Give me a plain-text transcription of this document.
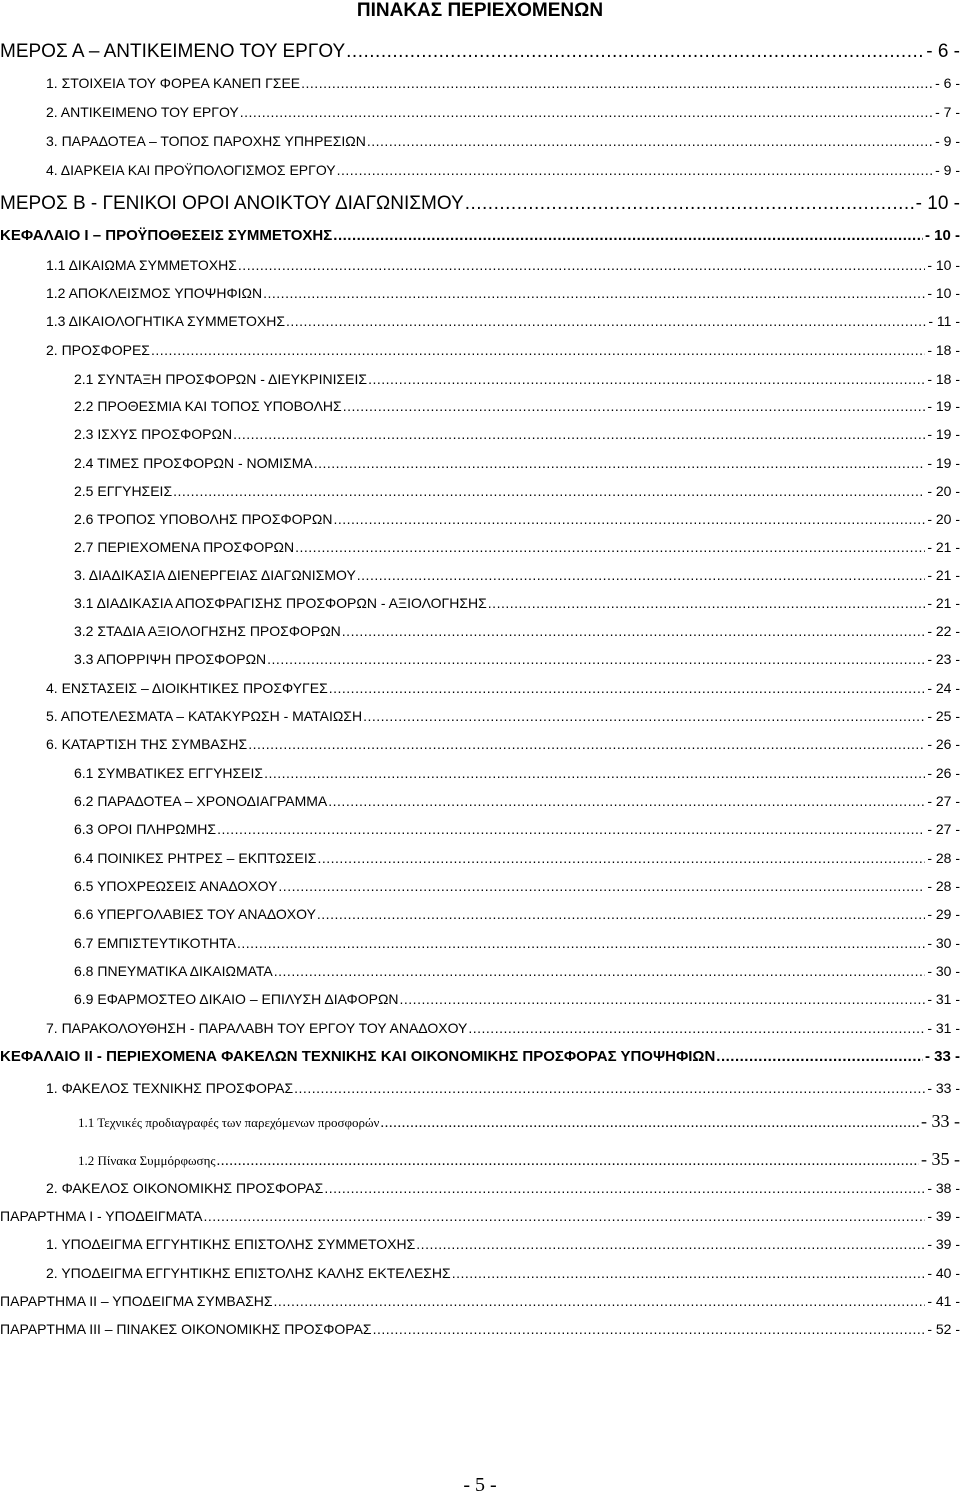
ΠΙΝΑΚΑΣ ΠΕΡΙΕΧΟΜΕΝΩΝ
ΜΕΡΟΣ Α – ΑΝΤΙΚΕΙΜΕΝΟ ΤΟΥ ΕΡΓΟΥ .....	- 6 -
1. ΣΤΟΙΧΕΙΑ ΤΟΥ ΦΟΡΕΑ ΚΑΝΕΠ ΓΣΕΕ .....	- 6 -
2. ΑΝΤΙΚΕΙΜΕΝΟ ΤΟΥ ΕΡΓΟΥ .....	- 7 -
3. ΠΑΡΑΔΟΤΕΑ – ΤΟΠΟΣ ΠΑΡΟΧΗΣ ΥΠΗΡΕΣΙΩΝ .....	- 9 -
4. ΔΙΑΡΚΕΙΑ ΚΑΙ ΠΡΟΫΠΟΛΟΓΙΣΜΟΣ ΕΡΓΟΥ .....	- 9 -
ΜΕΡΟΣ Β - ΓΕΝΙΚΟΙ ΟΡΟΙ ΑΝΟΙΚΤΟΥ ΔΙΑΓΩΝΙΣΜΟΥ .....	- 10 -
ΚΕΦΑΛΑΙΟ Ι – ΠΡΟΫΠΟΘΕΣΕΙΣ ΣΥΜΜΕΤΟΧΗΣ .....	- 10 -
1.1 ΔΙΚΑΙΩΜΑ ΣΥΜΜΕΤΟΧΗΣ .....	- 10 -
1.2 ΑΠΟΚΛΕΙΣΜΟΣ ΥΠΟΨΗΦΙΩΝ .....	- 10 -
1.3 ΔΙΚΑΙΟΛΟΓΗΤΙΚΑ ΣΥΜΜΕΤΟΧΗΣ .....	- 11 -
2. ΠΡΟΣΦΟΡΕΣ .....	- 18 -
2.1 ΣΥΝΤΑΞΗ ΠΡΟΣΦΟΡΩΝ - ΔΙΕΥΚΡΙΝΙΣΕΙΣ .....	- 18 -
2.2 ΠΡΟΘΕΣΜΙΑ ΚΑΙ ΤΟΠΟΣ ΥΠΟΒΟΛΗΣ .....	- 19 -
2.3 ΙΣΧΥΣ ΠΡΟΣΦΟΡΩΝ .....	- 19 -
2.4 ΤΙΜΕΣ ΠΡΟΣΦΟΡΩΝ - ΝΟΜΙΣΜΑ .....	- 19 -
2.5 ΕΓΓΥΗΣΕΙΣ .....	- 20 -
2.6 ΤΡΟΠΟΣ ΥΠΟΒΟΛΗΣ ΠΡΟΣΦΟΡΩΝ .....	- 20 -
2.7 ΠΕΡΙΕΧΟΜΕΝΑ ΠΡΟΣΦΟΡΩΝ .....	- 21 -
3. ΔΙΑΔΙΚΑΣΙΑ ΔΙΕΝΕΡΓΕΙΑΣ ΔΙΑΓΩΝΙΣΜΟΥ .....	- 21 -
3.1 ΔΙΑΔΙΚΑΣΙΑ ΑΠΟΣΦΡΑΓΙΣΗΣ ΠΡΟΣΦΟΡΩΝ - ΑΞΙΟΛΟΓΗΣΗΣ .....	- 21 -
3.2 ΣΤΑΔΙΑ ΑΞΙΟΛΟΓΗΣΗΣ ΠΡΟΣΦΟΡΩΝ .....	- 22 -
3.3 ΑΠΟΡΡΙΨΗ ΠΡΟΣΦΟΡΩΝ .....	- 23 -
4. ΕΝΣΤΑΣΕΙΣ – ΔΙΟΙΚΗΤΙΚΕΣ ΠΡΟΣΦΥΓΕΣ .....	- 24 -
5. ΑΠΟΤΕΛΕΣΜΑΤΑ – ΚΑΤΑΚΥΡΩΣΗ - ΜΑΤΑΙΩΣΗ .....	- 25 -
6. ΚΑΤΑΡΤΙΣΗ ΤΗΣ ΣΥΜΒΑΣΗΣ .....	- 26 -
6.1 ΣΥΜΒΑΤΙΚΕΣ ΕΓΓΥΗΣΕΙΣ .....	- 26 -
6.2 ΠΑΡΑΔΟΤΕΑ – ΧΡΟΝΟΔΙΑΓΡΑΜΜΑ .....	- 27 -
6.3 ΟΡΟΙ ΠΛΗΡΩΜΗΣ .....	- 27 -
6.4 ΠΟΙΝΙΚΕΣ ΡΗΤΡΕΣ – ΕΚΠΤΩΣΕΙΣ .....	- 28 -
6.5 ΥΠΟΧΡΕΩΣΕΙΣ ΑΝΑΔΟΧΟΥ .....	- 28 -
6.6 ΥΠΕΡΓΟΛΑΒΙΕΣ ΤΟΥ ΑΝΑΔΟΧΟΥ .....	- 29 -
6.7 ΕΜΠΙΣΤΕΥΤΙΚΟΤΗΤΑ .....	- 30 -
6.8 ΠΝΕΥΜΑΤΙΚΑ ΔΙΚΑΙΩΜΑΤΑ .....	- 30 -
6.9 ΕΦΑΡΜΟΣΤΕΟ ΔΙΚΑΙΟ – ΕΠΙΛΥΣΗ ΔΙΑΦΟΡΩΝ .....	- 31 -
7. ΠΑΡΑΚΟΛΟΥΘΗΣΗ - ΠΑΡΑΛΑΒΗ ΤΟΥ ΕΡΓΟΥ ΤΟΥ ΑΝΑΔΟΧΟΥ .....	- 31 -
ΚΕΦΑΛΑΙΟ ΙΙ - ΠΕΡΙΕΧΟΜΕΝΑ ΦΑΚΕΛΩΝ ΤΕΧΝΙΚΗΣ ΚΑΙ ΟΙΚΟΝΟΜΙΚΗΣ ΠΡΟΣΦΟΡΑΣ ΥΠΟΨΗΦΙΩΝ .....	- 33 -
1. ΦΑΚΕΛΟΣ ΤΕΧΝΙΚΗΣ ΠΡΟΣΦΟΡΑΣ .....	- 33 -
1.1 Τεχνικές προδιαγραφές των παρεχόμενων προσφορών .....	- 33 -
1.2 Πίνακα Συμμόρφωσης .....	- 35 -
2. ΦΑΚΕΛΟΣ ΟΙΚΟΝΟΜΙΚΗΣ ΠΡΟΣΦΟΡΑΣ .....	- 38 -
ΠΑΡΑΡΤΗΜΑ Ι - ΥΠΟΔΕΙΓΜΑΤΑ .....	- 39 -
1. ΥΠΟΔΕΙΓΜΑ ΕΓΓΥΗΤΙΚΗΣ ΕΠΙΣΤΟΛΗΣ ΣΥΜΜΕΤΟΧΗΣ .....	- 39 -
2. ΥΠΟΔΕΙΓΜΑ ΕΓΓΥΗΤΙΚΗΣ ΕΠΙΣΤΟΛΗΣ ΚΑΛΗΣ ΕΚΤΕΛΕΣΗΣ .....	- 40 -
ΠΑΡΑΡΤΗΜΑ ΙΙ – ΥΠΟΔΕΙΓΜΑ ΣΥΜΒΑΣΗΣ .....	- 41 -
ΠΑΡΑΡΤΗΜΑ ΙΙΙ – ΠΙΝΑΚΕΣ ΟΙΚΟΝΟΜΙΚΗΣ ΠΡΟΣΦΟΡΑΣ .....	- 52 -
- 5 -
